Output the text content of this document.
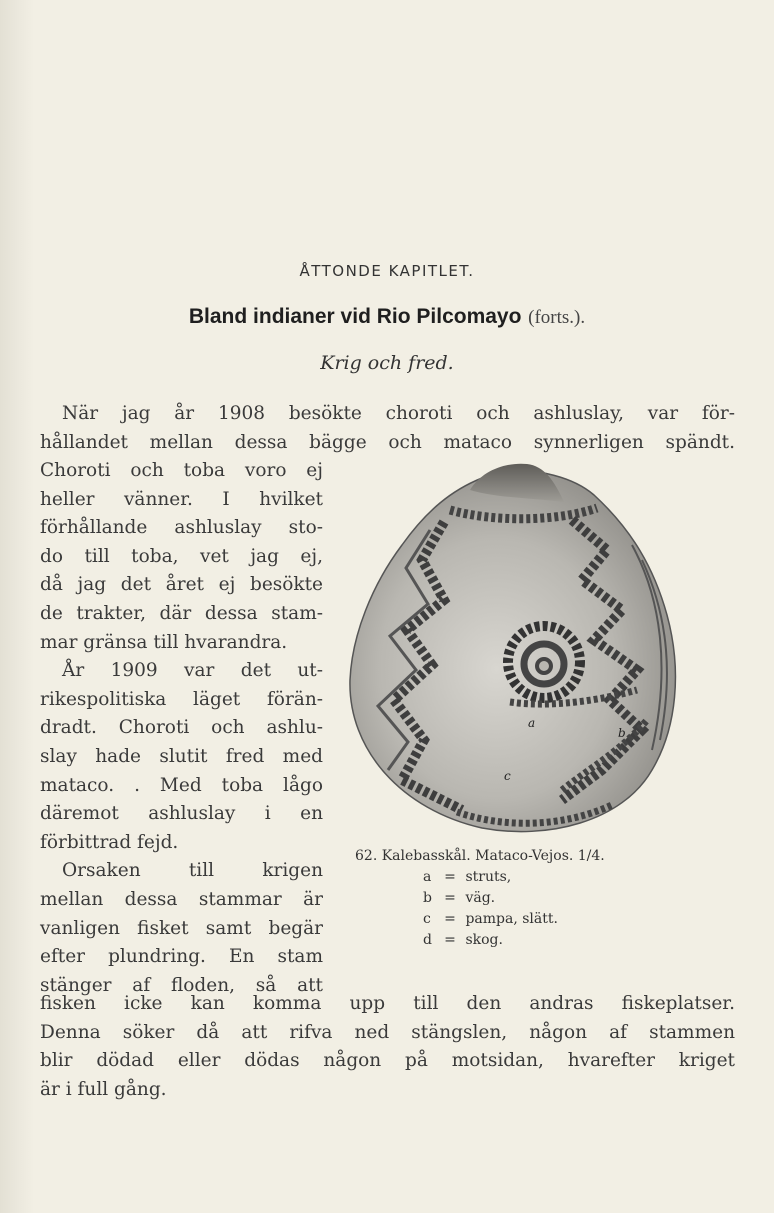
ÅTTONDE KAPITLET.
Bland indianer vid Rio Pilcomayo (forts.).
Krig och fred.
När jag år 1908 besökte choroti och ashluslay, var för-
hållandet mellan dessa bägge och mataco synnerligen spändt.
Choroti och toba voro ej
heller vänner. I hvilket
förhållande ashluslay sto-
do till toba, vet jag ej,
då jag det året ej besökte
de trakter, där dessa stam-
mar gränsa till hvarandra.
År 1909 var det ut-
rikespolitiska läget förän-
dradt. Choroti och ashlu-
slay hade slutit fred med
mataco. . Med toba lågo
däremot ashluslay i en
förbittrad fejd.
Orsaken till krigen
mellan dessa stammar är
vanligen fisket samt begär
efter plundring. En stam
stänger af floden, så att
a
b
c
62. Kalebasskål. Mataco-Vejos. 1/4.
a = struts,
b = väg.
c = pampa, slätt.
d = skog.
fisken icke kan komma upp till den andras fiskeplatser.
Denna söker då att rifva ned stängslen, någon af stammen
blir dödad eller dödas någon på motsidan, hvarefter kriget
är i full gång.
